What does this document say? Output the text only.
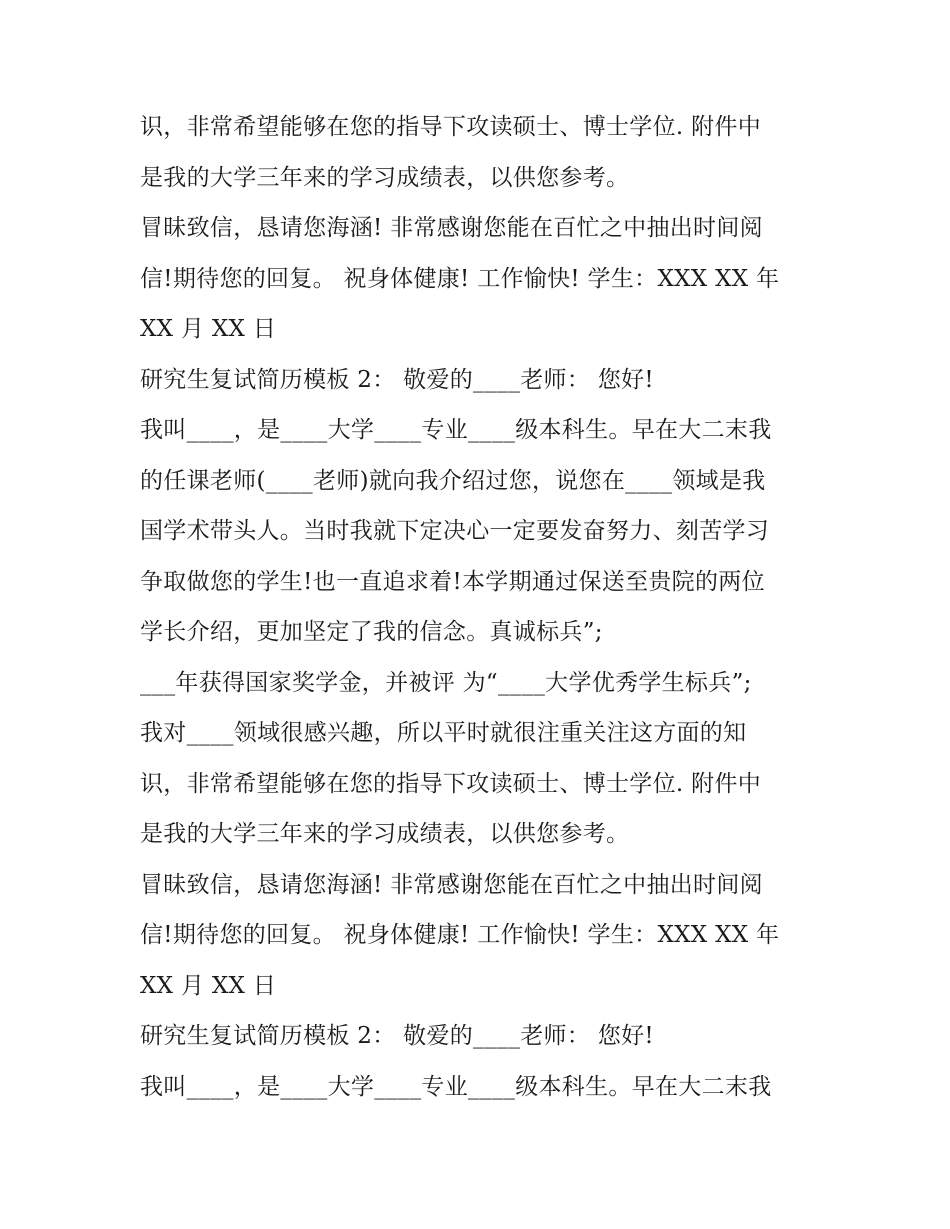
识，非常希望能够在您的指导下攻读硕士、博士学位. 附件中
是我的大学三年来的学习成绩表，以供您参考。
冒昧致信，恳请您海涵! 非常感谢您能在百忙之中抽出时间阅
信!期待您的回复。 祝身体健康! 工作愉快! 学生：XXX XX 年
XX 月 XX 日
研究生复试简历模板 2： 敬爱的____老师： 您好!
我叫____，是____大学____专业____级本科生。早在大二末我
的任课老师(____老师)就向我介绍过您，说您在____领域是我
国学术带头人。当时我就下定决心一定要发奋努力、刻苦学习
争取做您的学生!也一直追求着!本学期通过保送至贵院的两位
学长介绍，更加坚定了我的信念。真诚标兵”;
___年获得国家奖学金，并被评 为“____大学优秀学生标兵”;
我对____领域很感兴趣，所以平时就很注重关注这方面的知
识，非常希望能够在您的指导下攻读硕士、博士学位. 附件中
是我的大学三年来的学习成绩表，以供您参考。
冒昧致信，恳请您海涵! 非常感谢您能在百忙之中抽出时间阅
信!期待您的回复。 祝身体健康! 工作愉快! 学生：XXX XX 年
XX 月 XX 日
研究生复试简历模板 2： 敬爱的____老师： 您好!
我叫____，是____大学____专业____级本科生。早在大二末我
